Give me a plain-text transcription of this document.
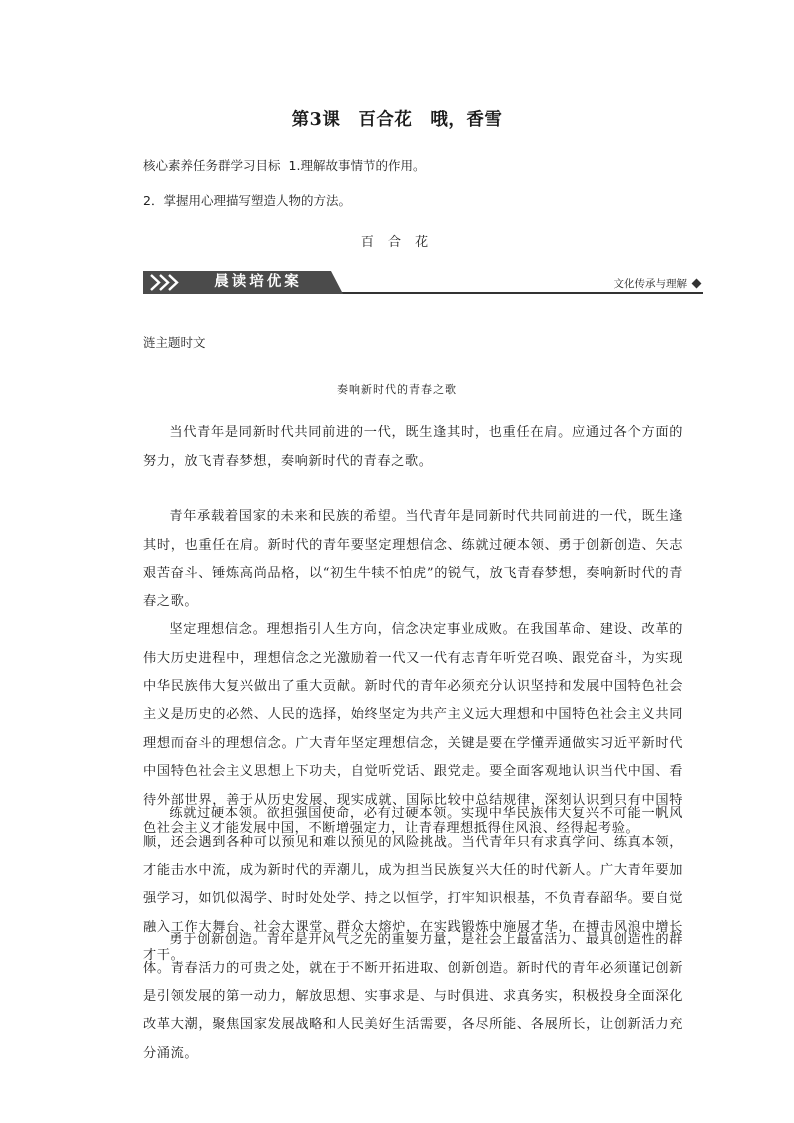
第3课　百合花　哦，香雪
核心素养任务群学习目标 1.理解故事情节的作用。
2．掌握用心理描写塑造人物的方法。
百 合 花
晨读培优案	文化传承与理解
涟主题时文
奏响新时代的青春之歌

当代青年是同新时代共同前进的一代，既生逢其时，也重任在肩。应通过各个方面的努力，放飞青春梦想，奏响新时代的青春之歌。

青年承载着国家的未来和民族的希望。当代青年是同新时代共同前进的一代，既生逢其时，也重任在肩。新时代的青年要坚定理想信念、练就过硬本领、勇于创新创造、矢志艰苦奋斗、锤炼高尚品格，以“初生牛犊不怕虎”的锐气，放飞青春梦想，奏响新时代的青春之歌。

坚定理想信念。理想指引人生方向，信念决定事业成败。在我国革命、建设、改革的伟大历史进程中，理想信念之光激励着一代又一代有志青年听党召唤、跟党奋斗，为实现中华民族伟大复兴做出了重大贡献。新时代的青年必须充分认识坚持和发展中国特色社会主义是历史的必然、人民的选择，始终坚定为共产主义远大理想和中国特色社会主义共同理想而奋斗的理想信念。广大青年坚定理想信念，关键是要在学懂弄通做实习近平新时代中国特色社会主义思想上下功夫，自觉听党话、跟党走。要全面客观地认识当代中国、看待外部世界，善于从历史发展、现实成就、国际比较中总结规律，深刻认识到只有中国特色社会主义才能发展中国，不断增强定力，让青春理想抵得住风浪、经得起考验。

练就过硬本领。欲担强国使命，必有过硬本领。实现中华民族伟大复兴不可能一帆风顺，还会遇到各种可以预见和难以预见的风险挑战。当代青年只有求真学问、练真本领，才能击水中流，成为新时代的弄潮儿，成为担当民族复兴大任的时代新人。广大青年要加强学习，如饥似渴学、时时处处学、持之以恒学，打牢知识根基，不负青春韶华。要自觉融入工作大舞台、社会大课堂、群众大熔炉，在实践锻炼中施展才华，在搏击风浪中增长才干。

勇于创新创造。青年是开风气之先的重要力量，是社会上最富活力、最具创造性的群体。青春活力的可贵之处，就在于不断开拓进取、创新创造。新时代的青年必须谨记创新是引领发展的第一动力，解放思想、实事求是、与时俱进、求真务实，积极投身全面深化改革大潮，聚焦国家发展战略和人民美好生活需要，各尽所能、各展所长，让创新活力充分涌流。
